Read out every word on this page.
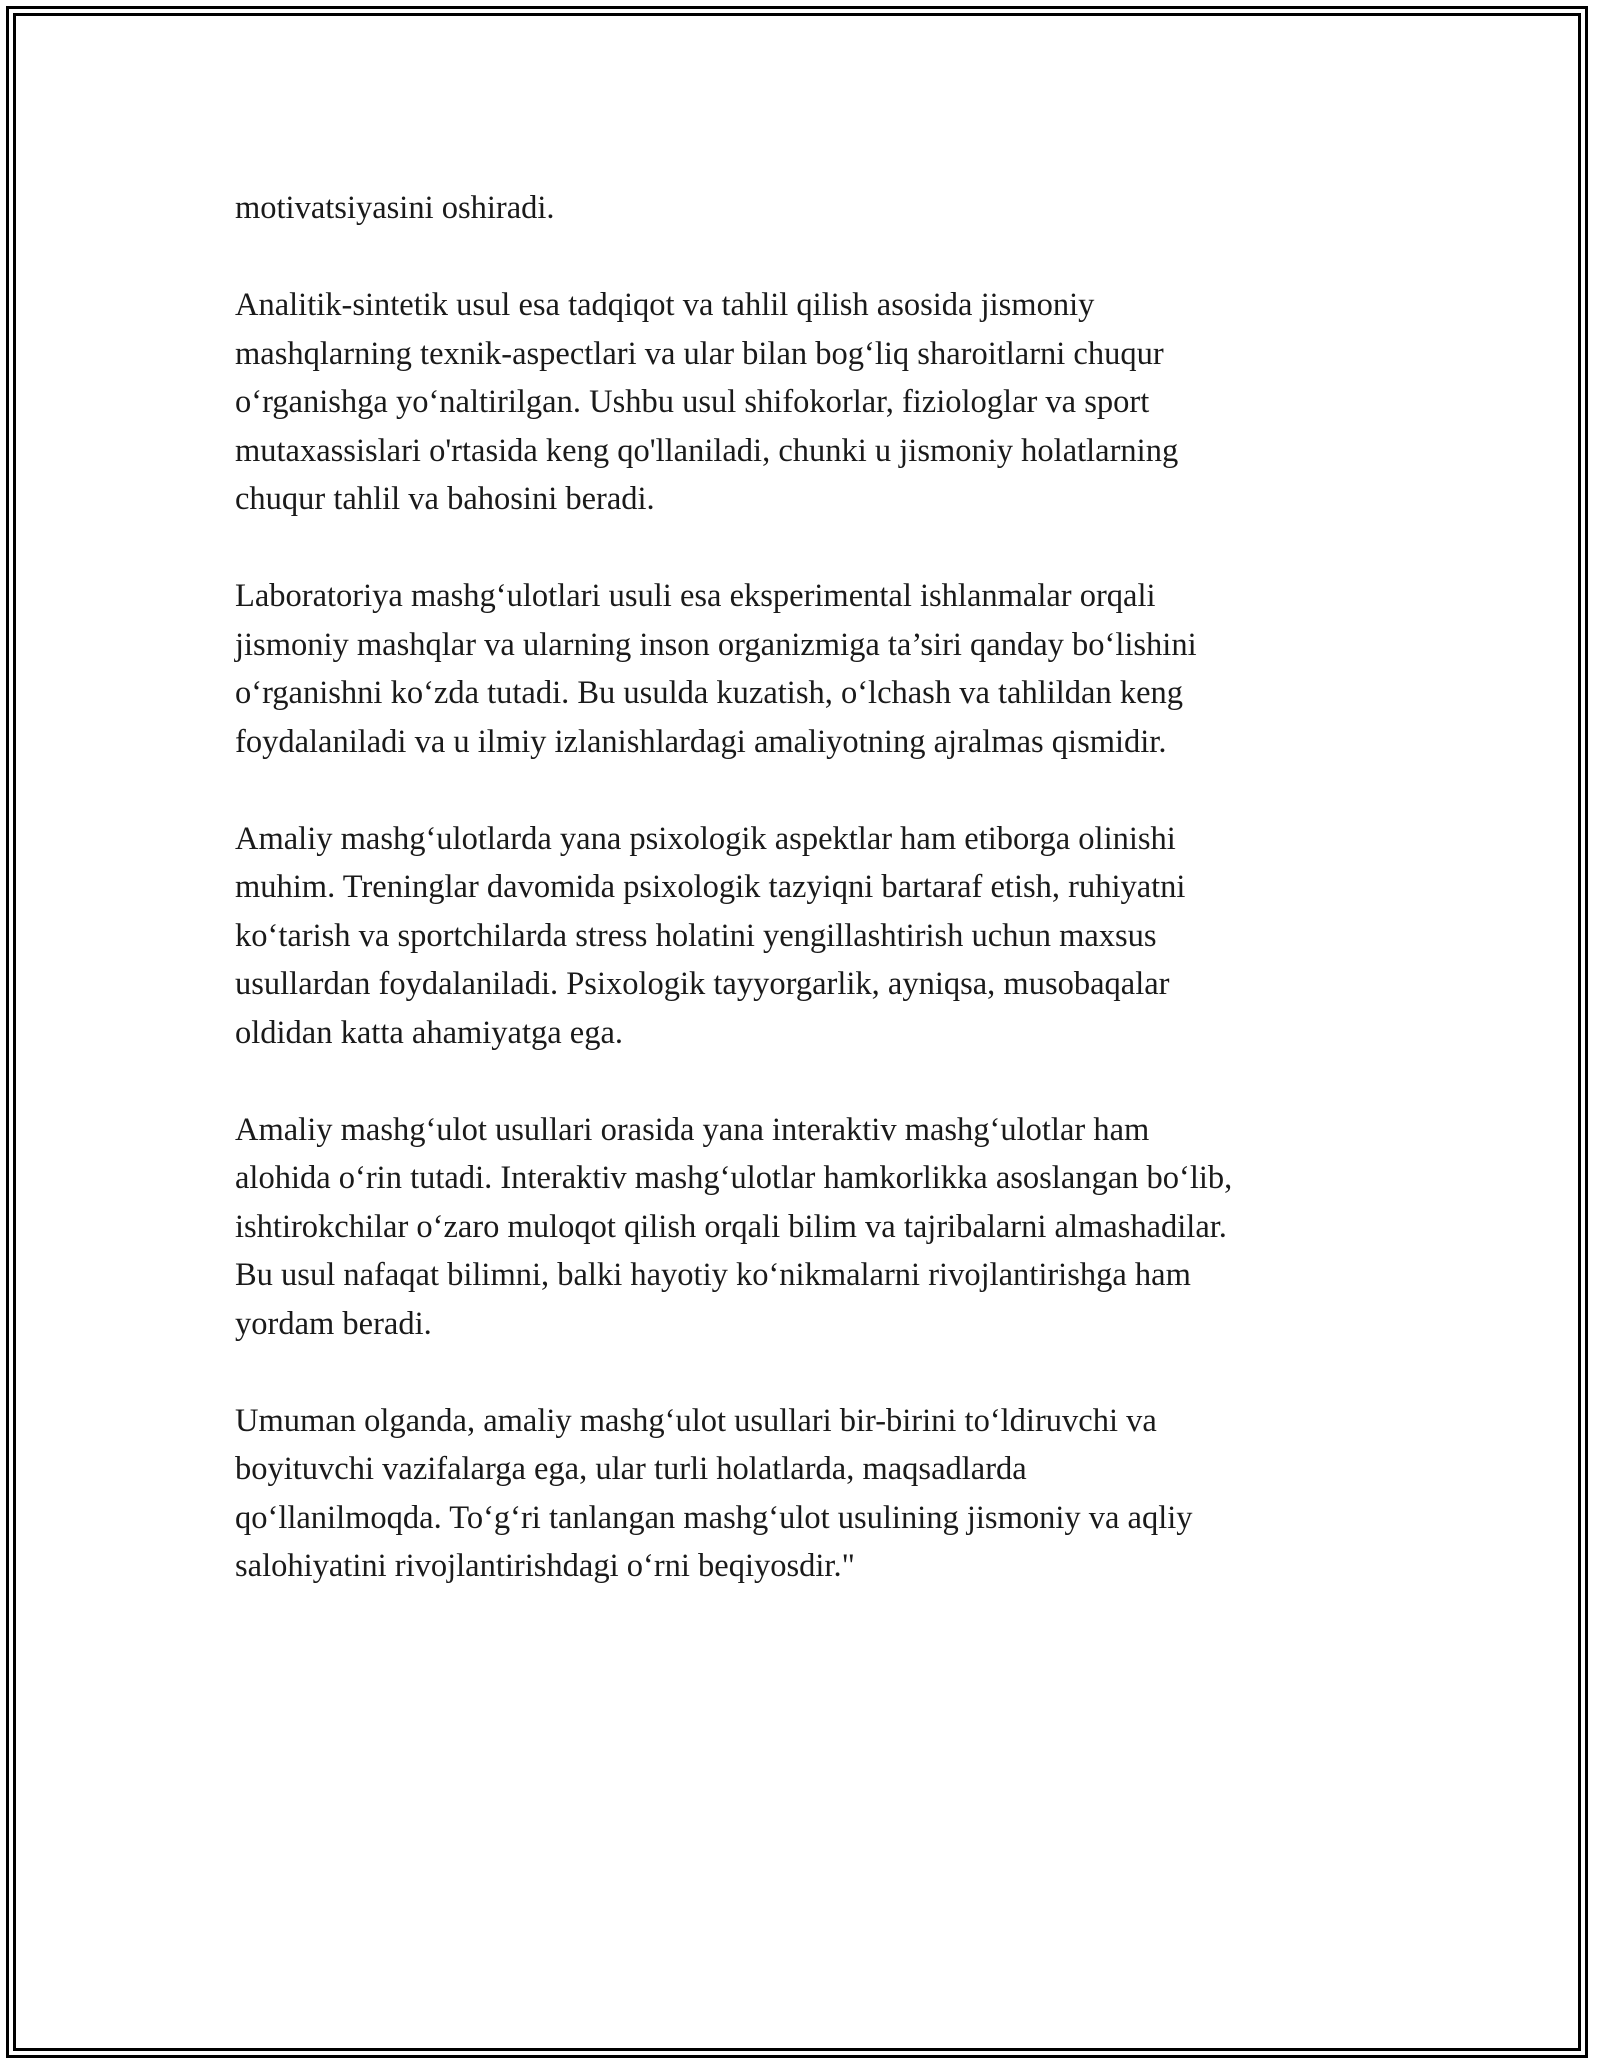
motivatsiyasini oshiradi.

Analitik-sintetik usul esa tadqiqot va tahlil qilish asosida jismoniy
mashqlarning texnik-aspectlari va ular bilan bog‘liq sharoitlarni chuqur
o‘rganishga yo‘naltirilgan. Ushbu usul shifokorlar, fiziologlar va sport
mutaxassislari o'rtasida keng qo'llaniladi, chunki u jismoniy holatlarning
chuqur tahlil va bahosini beradi.

Laboratoriya mashg‘ulotlari usuli esa eksperimental ishlanmalar orqali
jismoniy mashqlar va ularning inson organizmiga ta’siri qanday bo‘lishini
o‘rganishni ko‘zda tutadi. Bu usulda kuzatish, o‘lchash va tahlildan keng
foydalaniladi va u ilmiy izlanishlardagi amaliyotning ajralmas qismidir.

Amaliy mashg‘ulotlarda yana psixologik aspektlar ham etiborga olinishi
muhim. Treninglar davomida psixologik tazyiqni bartaraf etish, ruhiyatni
ko‘tarish va sportchilarda stress holatini yengillashtirish uchun maxsus
usullardan foydalaniladi. Psixologik tayyorgarlik, ayniqsa, musobaqalar
oldidan katta ahamiyatga ega.

Amaliy mashg‘ulot usullari orasida yana interaktiv mashg‘ulotlar ham
alohida o‘rin tutadi. Interaktiv mashg‘ulotlar hamkorlikka asoslangan bo‘lib,
ishtirokchilar o‘zaro muloqot qilish orqali bilim va tajribalarni almashadilar.
Bu usul nafaqat bilimni, balki hayotiy ko‘nikmalarni rivojlantirishga ham
yordam beradi.

Umuman olganda, amaliy mashg‘ulot usullari bir-birini to‘ldiruvchi va
boyituvchi vazifalarga ega, ular turli holatlarda, maqsadlarda
qo‘llanilmoqda. To‘g‘ri tanlangan mashg‘ulot usulining jismoniy va aqliy
salohiyatini rivojlantirishdagi o‘rni beqiyosdir."
